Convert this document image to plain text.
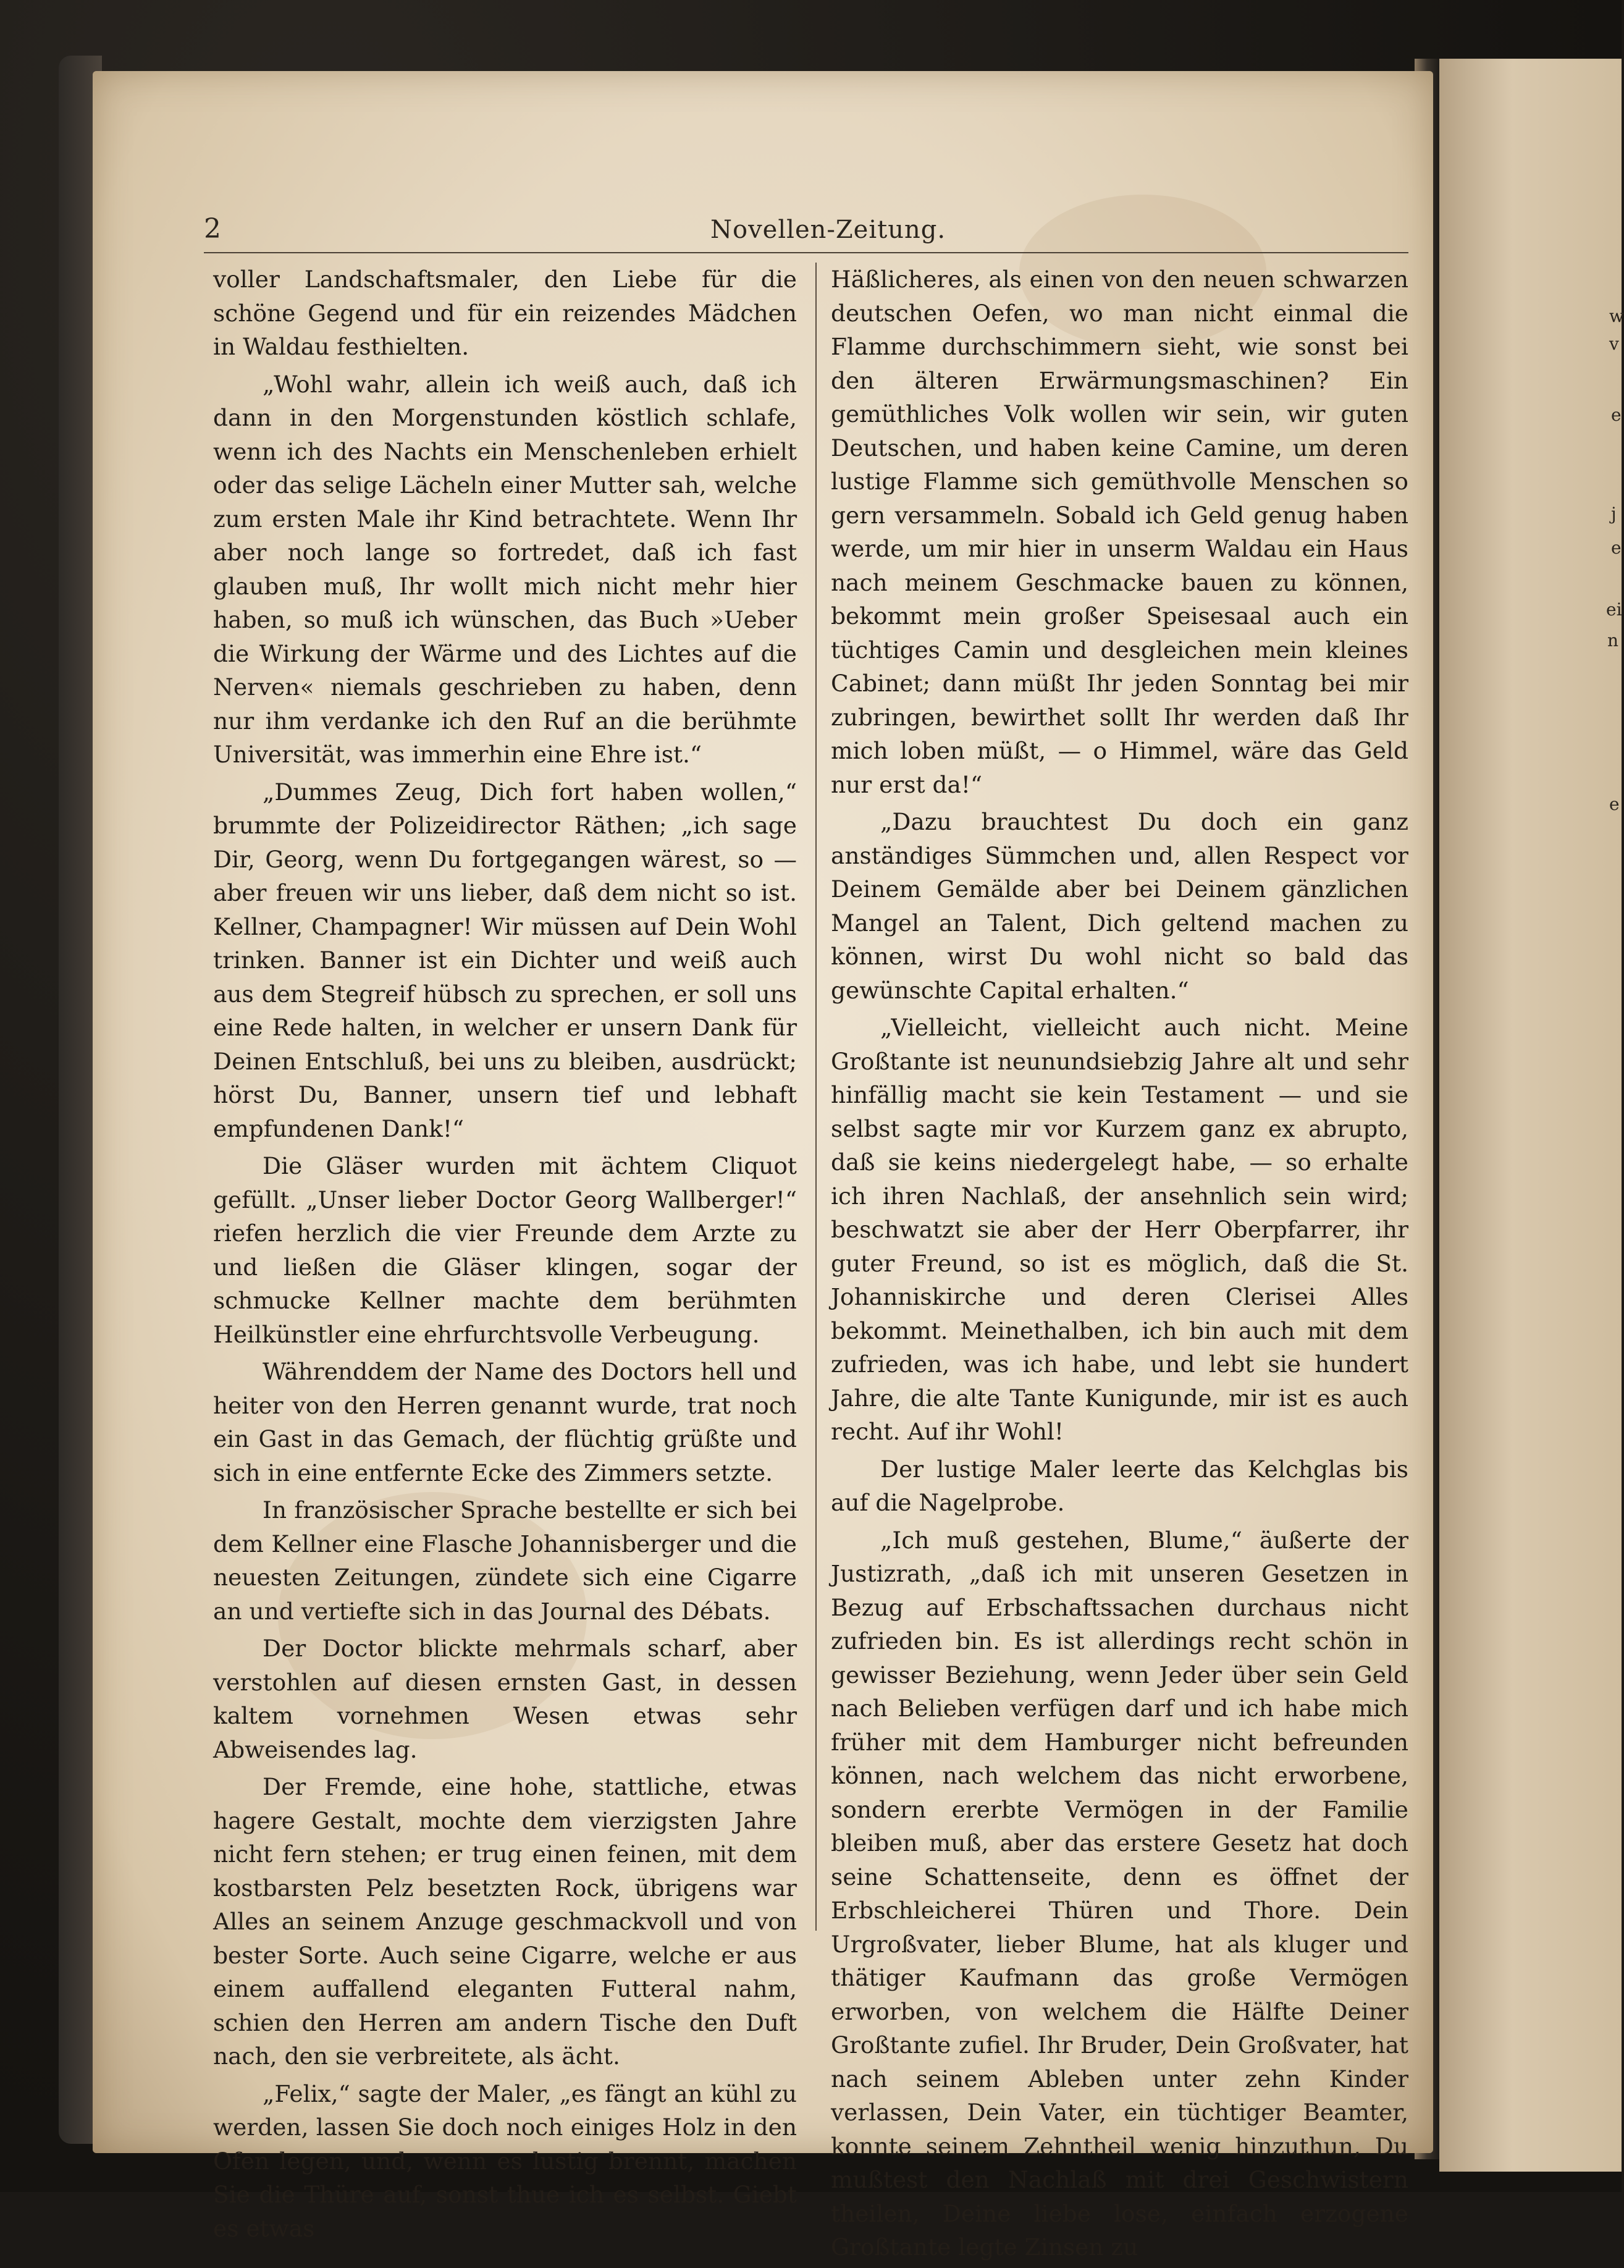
w
v
e
j
e
ei
n
e
2	Novellen-Zeitung.

voller Landschaftsmaler, den Liebe für die schöne Gegend und für ein reizendes Mädchen in Waldau festhielten.

„Wohl wahr, allein ich weiß auch, daß ich dann in den Morgenstunden köstlich schlafe, wenn ich des Nachts ein Menschenleben erhielt oder das selige Lächeln einer Mutter sah, welche zum ersten Male ihr Kind betrachtete. Wenn Ihr aber noch lange so fortredet, daß ich fast glauben muß, Ihr wollt mich nicht mehr hier haben, so muß ich wünschen, das Buch »Ueber die Wirkung der Wärme und des Lichtes auf die Nerven« niemals geschrieben zu haben, denn nur ihm verdanke ich den Ruf an die berühmte Universität, was immerhin eine Ehre ist.“

„Dummes Zeug, Dich fort haben wollen,“ brummte der Polizeidirector Räthen; „ich sage Dir, Georg, wenn Du fortgegangen wärest, so — aber freuen wir uns lieber, daß dem nicht so ist. Kellner, Champagner! Wir müssen auf Dein Wohl trinken. Banner ist ein Dichter und weiß auch aus dem Stegreif hübsch zu sprechen, er soll uns eine Rede halten, in welcher er unsern Dank für Deinen Entschluß, bei uns zu bleiben, ausdrückt; hörst Du, Banner, unsern tief und lebhaft empfundenen Dank!“

Die Gläser wurden mit ächtem Cliquot gefüllt. „Unser lieber Doctor Georg Wallberger!“ riefen herzlich die vier Freunde dem Arzte zu und ließen die Gläser klingen, sogar der schmucke Kellner machte dem berühmten Heilkünstler eine ehrfurchtsvolle Verbeugung.

Währenddem der Name des Doctors hell und heiter von den Herren genannt wurde, trat noch ein Gast in das Gemach, der flüchtig grüßte und sich in eine entfernte Ecke des Zimmers setzte.

In französischer Sprache bestellte er sich bei dem Kellner eine Flasche Johannisberger und die neuesten Zeitungen, zündete sich eine Cigarre an und vertiefte sich in das Journal des Débats.

Der Doctor blickte mehrmals scharf, aber verstohlen auf diesen ernsten Gast, in dessen kaltem vornehmen Wesen etwas sehr Abweisendes lag.

Der Fremde, eine hohe, stattliche, etwas hagere Gestalt, mochte dem vierzigsten Jahre nicht fern stehen; er trug einen feinen, mit dem kostbarsten Pelz besetzten Rock, übrigens war Alles an seinem Anzuge geschmackvoll und von bester Sorte. Auch seine Cigarre, welche er aus einem auffallend eleganten Futteral nahm, schien den Herren am andern Tische den Duft nach, den sie verbreitete, als ächt.

„Felix,“ sagte der Maler, „es fängt an kühl zu werden, lassen Sie doch noch einiges Holz in den Ofen legen, und, wenn es lustig brennt, machen Sie die Thüre auf, sonst thue ich es selbst. Giebt es etwas

Häßlicheres, als einen von den neuen schwarzen deutschen Oefen, wo man nicht einmal die Flamme durchschimmern sieht, wie sonst bei den älteren Erwärmungsmaschinen? Ein gemüthliches Volk wollen wir sein, wir guten Deutschen, und haben keine Camine, um deren lustige Flamme sich gemüthvolle Menschen so gern versammeln. Sobald ich Geld genug haben werde, um mir hier in unserm Waldau ein Haus nach meinem Geschmacke bauen zu können, bekommt mein großer Speisesaal auch ein tüchtiges Camin und desgleichen mein kleines Cabinet; dann müßt Ihr jeden Sonntag bei mir zubringen, bewirthet sollt Ihr werden daß Ihr mich loben müßt, — o Himmel, wäre das Geld nur erst da!“

„Dazu brauchtest Du doch ein ganz anständiges Sümmchen und, allen Respect vor Deinem Gemälde aber bei Deinem gänzlichen Mangel an Talent, Dich geltend machen zu können, wirst Du wohl nicht so bald das gewünschte Capital erhalten.“

„Vielleicht, vielleicht auch nicht. Meine Großtante ist neunundsiebzig Jahre alt und sehr hinfällig macht sie kein Testament — und sie selbst sagte mir vor Kurzem ganz ex abrupto, daß sie keins niedergelegt habe, — so erhalte ich ihren Nachlaß, der ansehnlich sein wird; beschwatzt sie aber der Herr Oberpfarrer, ihr guter Freund, so ist es möglich, daß die St. Johanniskirche und deren Clerisei Alles bekommt. Meinethalben, ich bin auch mit dem zufrieden, was ich habe, und lebt sie hundert Jahre, die alte Tante Kunigunde, mir ist es auch recht. Auf ihr Wohl!

Der lustige Maler leerte das Kelchglas bis auf die Nagelprobe.

„Ich muß gestehen, Blume,“ äußerte der Justizrath, „daß ich mit unseren Gesetzen in Bezug auf Erbschaftssachen durchaus nicht zufrieden bin. Es ist allerdings recht schön in gewisser Beziehung, wenn Jeder über sein Geld nach Belieben verfügen darf und ich habe mich früher mit dem Hamburger nicht befreunden können, nach welchem das nicht erworbene, sondern ererbte Vermögen in der Familie bleiben muß, aber das erstere Gesetz hat doch seine Schattenseite, denn es öffnet der Erbschleicherei Thüren und Thore. Dein Urgroßvater, lieber Blume, hat als kluger und thätiger Kaufmann das große Vermögen erworben, von welchem die Hälfte Deiner Großtante zufiel. Ihr Bruder, Dein Großvater, hat nach seinem Ableben unter zehn Kinder verlassen, Dein Vater, ein tüchtiger Beamter, konnte seinem Zehntheil wenig hinzuthun, Du mußtest den Nachlaß mit drei Geschwistern theilen, Deine liebe lose, einfach erzogene Großtante legte Zinsen zu
